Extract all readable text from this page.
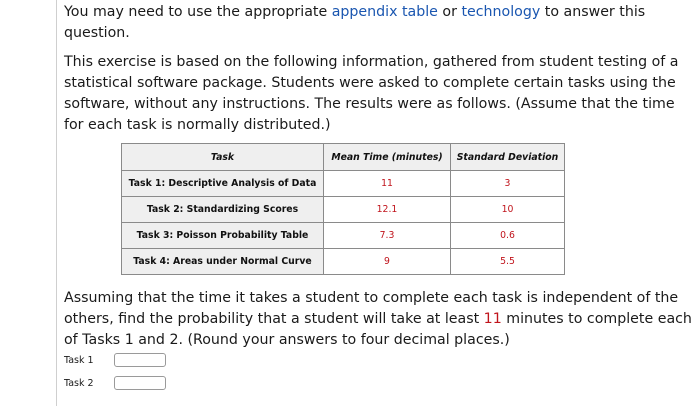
You may need to use the appropriate appendix table or technology to answer this question.

This exercise is based on the following information, gathered from student testing of a statistical software package. Students were asked to complete certain tasks using the software, without any instructions. The results were as follows. (Assume that the time for each task is normally distributed.)

Task	Mean Time (minutes)	Standard Deviation
Task 1: Descriptive Analysis of Data	11	3
Task 2: Standardizing Scores	12.1	10
Task 3: Poisson Probability Table	7.3	0.6
Task 4: Areas under Normal Curve	9	5.5

Assuming that the time it takes a student to complete each task is independent of the others, find the probability that a student will take at least 11 minutes to complete each of Tasks 1 and 2. (Round your answers to four decimal places.)

Task 1
Task 2
